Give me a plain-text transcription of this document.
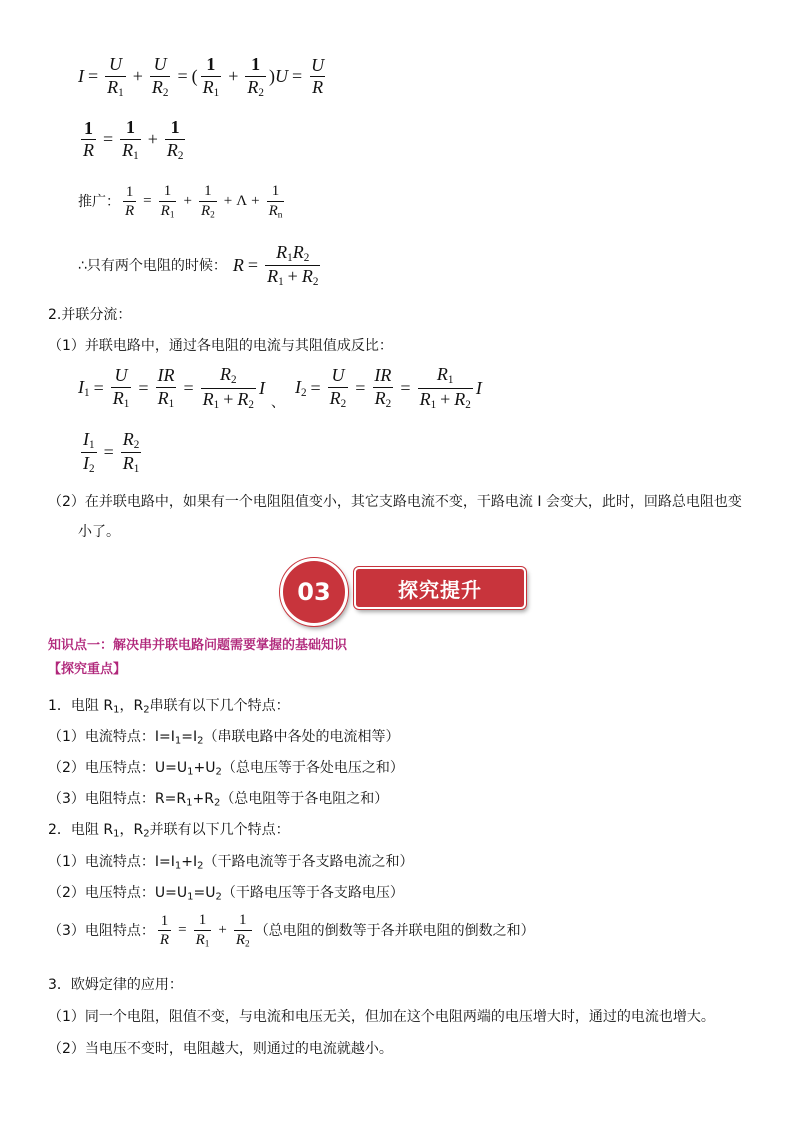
$I = \frac{U}{R_1} + \frac{U}{R_2}$ = ( $\frac{1}{R_1} + \frac{1}{R_2}$ ) $U = \frac{U}{R}$
$\frac{1}{R} = \frac{1}{R_1} + \frac{1}{R_2}$
推广： $\frac{1}{R} = \frac{1}{R_1} + \frac{1}{R_2} + \Lambda + \frac{1}{R_n}$
∴只有两个电阻的时候： $R = \frac{R_1R_2}{R_1 + R_2}$
2.并联分流：
（1）并联电路中，通过各电阻的电流与其阻值成反比：
$I_1 = \frac{U}{R_1} = \frac{IR}{R_1} = \frac{R_2}{R_1 + R_2}$ I
、
$I_2 = \frac{U}{R_2} = \frac{IR}{R_2} = \frac{R_1}{R_1 + R_2}$ I
$\frac{I_1}{I_2} = \frac{R_2}{R_1}$
（2）在并联电路中，如果有一个电阻阻值变小，其它支路电流不变，干路电流 I 会变大，此时，回路总电阻也变
小了。
探究提升
03
知识点一：解决串并联电路问题需要掌握的基础知识
【探究重点】
1．电阻 $R_1$，$R_2$串联有以下几个特点：
（1）电流特点：$I=I_1=I_2$（串联电路中各处的电流相等）
（2）电压特点：$U=U_1+U_2$（总电压等于各处电压之和）
（3）电阻特点：$R=R_1+R_2$（总电阻等于各电阻之和）
2．电阻 $R_1$，$R_2$并联有以下几个特点：
（1）电流特点：$I=I_1+I_2$（干路电流等于各支路电流之和）
（2）电压特点：$U=U_1=U_2$（干路电压等于各支路电压）
（3）电阻特点： $\frac{1}{R} = \frac{1}{R_1} + \frac{1}{R_2}$ （总电阻的倒数等于各并联电阻的倒数之和）
3．欧姆定律的应用：
（1）同一个电阻，阻值不变，与电流和电压无关，但加在这个电阻两端的电压增大时，通过的电流也增大。
（2）当电压不变时，电阻越大，则通过的电流就越小。
